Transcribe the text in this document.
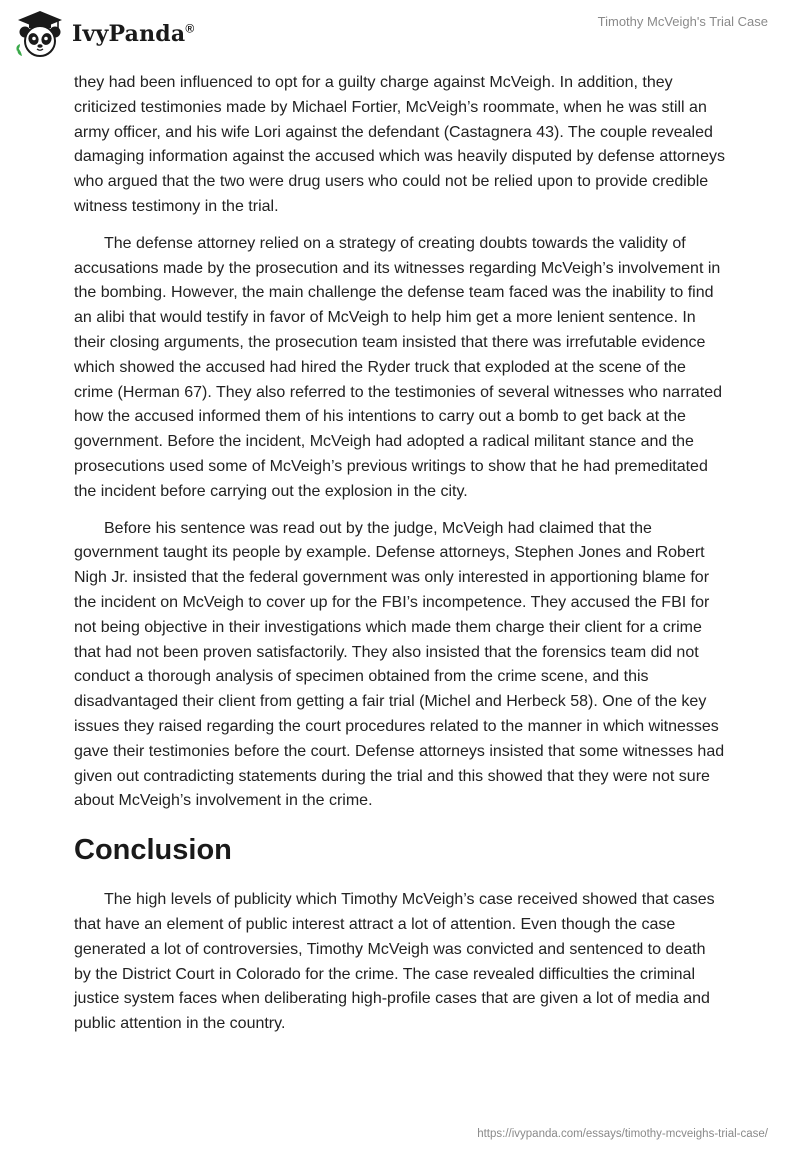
IvyPanda®	Timothy McVeigh's Trial Case

they had been influenced to opt for a guilty charge against McVeigh. In addition, they criticized testimonies made by Michael Fortier, McVeigh’s roommate, when he was still an army officer, and his wife Lori against the defendant (Castagnera 43). The couple revealed damaging information against the accused which was heavily disputed by defense attorneys who argued that the two were drug users who could not be relied upon to provide credible witness testimony in the trial.

The defense attorney relied on a strategy of creating doubts towards the validity of accusations made by the prosecution and its witnesses regarding McVeigh’s involvement in the bombing. However, the main challenge the defense team faced was the inability to find an alibi that would testify in favor of McVeigh to help him get a more lenient sentence. In their closing arguments, the prosecution team insisted that there was irrefutable evidence which showed the accused had hired the Ryder truck that exploded at the scene of the crime (Herman 67). They also referred to the testimonies of several witnesses who narrated how the accused informed them of his intentions to carry out a bomb to get back at the government. Before the incident, McVeigh had adopted a radical militant stance and the prosecutions used some of McVeigh’s previous writings to show that he had premeditated the incident before carrying out the explosion in the city.

Before his sentence was read out by the judge, McVeigh had claimed that the government taught its people by example. Defense attorneys, Stephen Jones and Robert Nigh Jr. insisted that the federal government was only interested in apportioning blame for the incident on McVeigh to cover up for the FBI’s incompetence. They accused the FBI for not being objective in their investigations which made them charge their client for a crime that had not been proven satisfactorily. They also insisted that the forensics team did not conduct a thorough analysis of specimen obtained from the crime scene, and this disadvantaged their client from getting a fair trial (Michel and Herbeck 58). One of the key issues they raised regarding the court procedures related to the manner in which witnesses gave their testimonies before the court. Defense attorneys insisted that some witnesses had given out contradicting statements during the trial and this showed that they were not sure about McVeigh’s involvement in the crime.

Conclusion

The high levels of publicity which Timothy McVeigh’s case received showed that cases that have an element of public interest attract a lot of attention. Even though the case generated a lot of controversies, Timothy McVeigh was convicted and sentenced to death by the District Court in Colorado for the crime. The case revealed difficulties the criminal justice system faces when deliberating high-profile cases that are given a lot of media and public attention in the country.

https://ivypanda.com/essays/timothy-mcveighs-trial-case/
